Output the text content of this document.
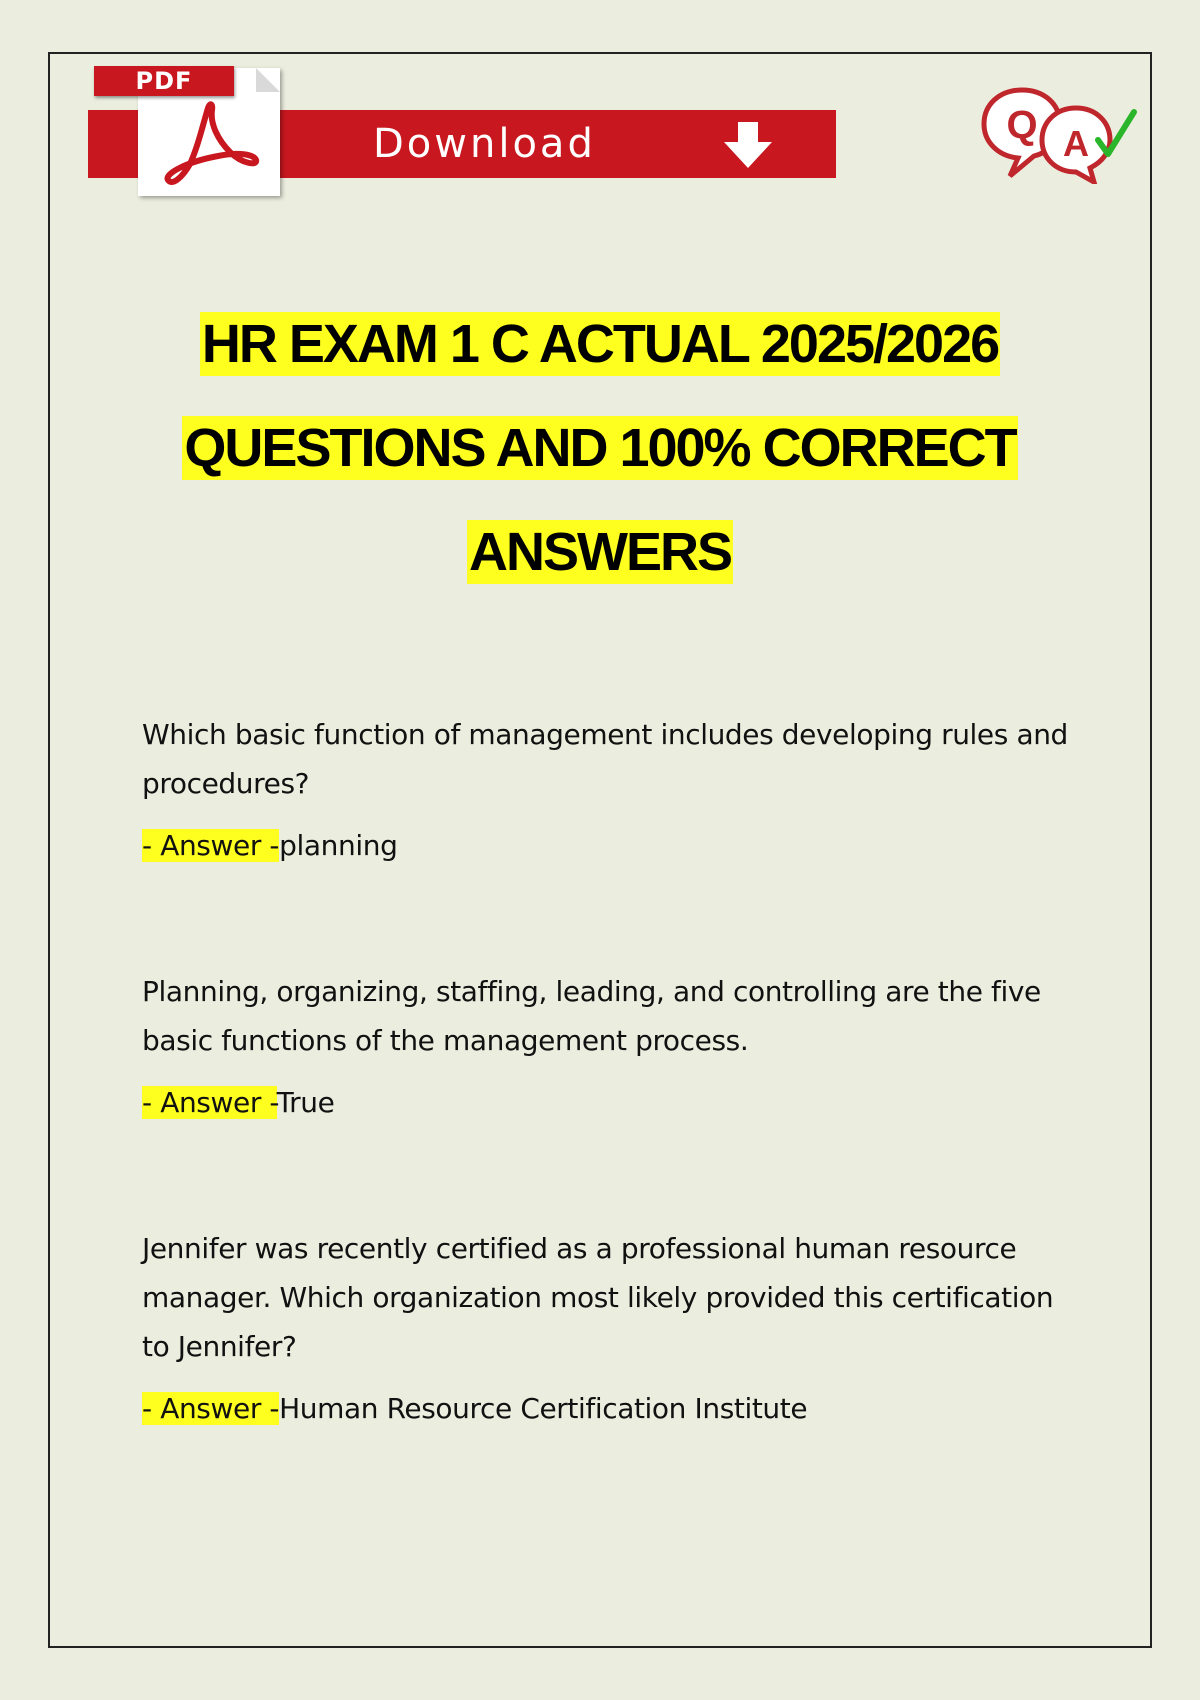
PDF
Download	Q A
HR EXAM 1 C ACTUAL 2025/2026
QUESTIONS AND 100% CORRECT
ANSWERS

Which basic function of management includes developing rules and procedures?

- Answer -planning

Planning, organizing, staffing, leading, and controlling are the five basic functions of the management process.

- Answer -True

Jennifer was recently certified as a professional human resource manager. Which organization most likely provided this certification to Jennifer?

- Answer -Human Resource Certification Institute
